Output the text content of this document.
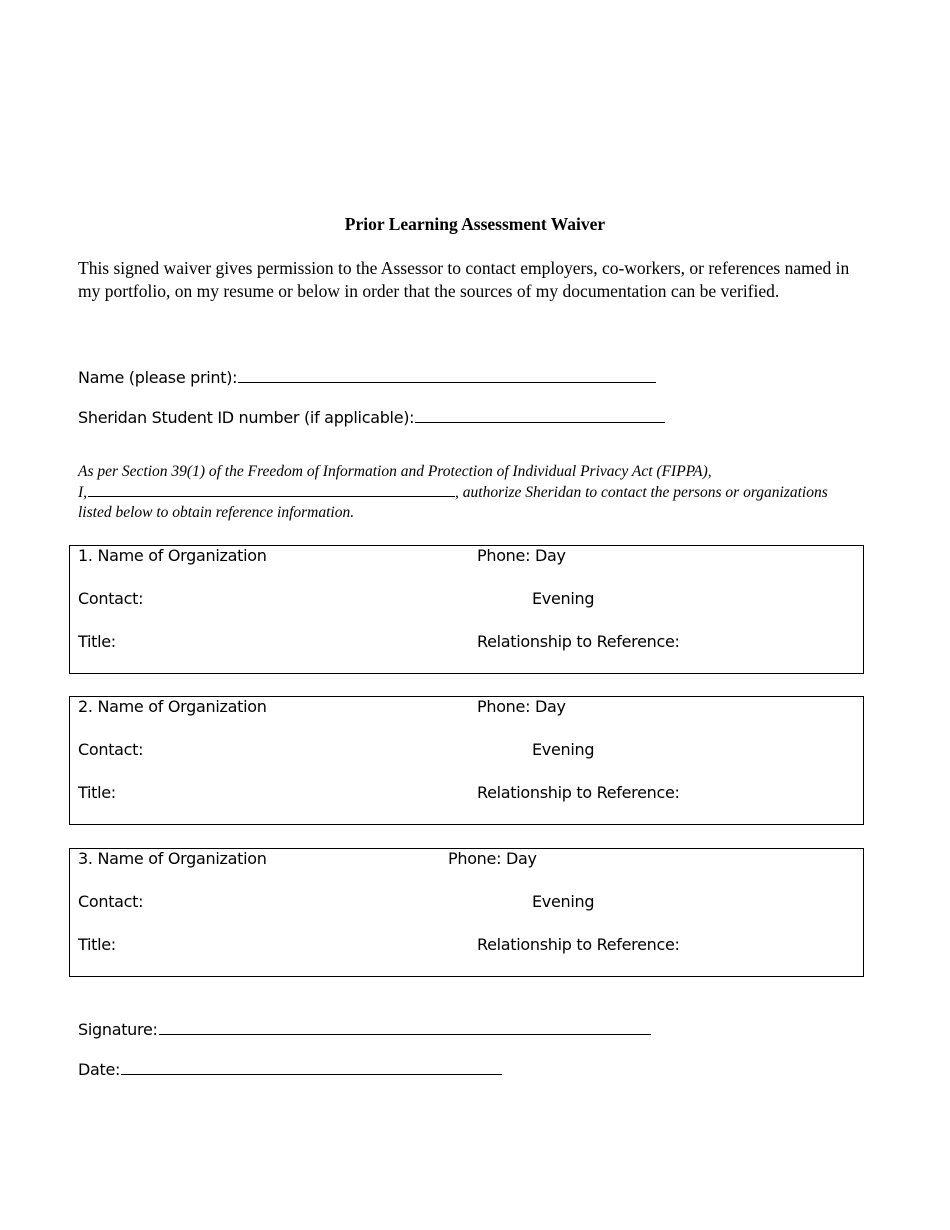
Prior Learning Assessment Waiver
This signed waiver gives permission to the Assessor to contact employers, co-workers, or references named in my portfolio, on my resume or below in order that the sources of my documentation can be verified.
Name (please print):
Sheridan Student ID number (if applicable):
As per Section 39(1) of the Freedom of Information and Protection of Individual Privacy Act (FIPPA),
I,	, authorize Sheridan to contact the persons or organizations
listed below to obtain reference information.
1. Name of Organization	Phone: Day
Contact:	Evening
Title:	Relationship to Reference:
2. Name of Organization	Phone: Day
Contact:	Evening
Title:	Relationship to Reference:
3. Name of Organization	Phone: Day
Contact:	Evening
Title:	Relationship to Reference:
Signature:
Date:
